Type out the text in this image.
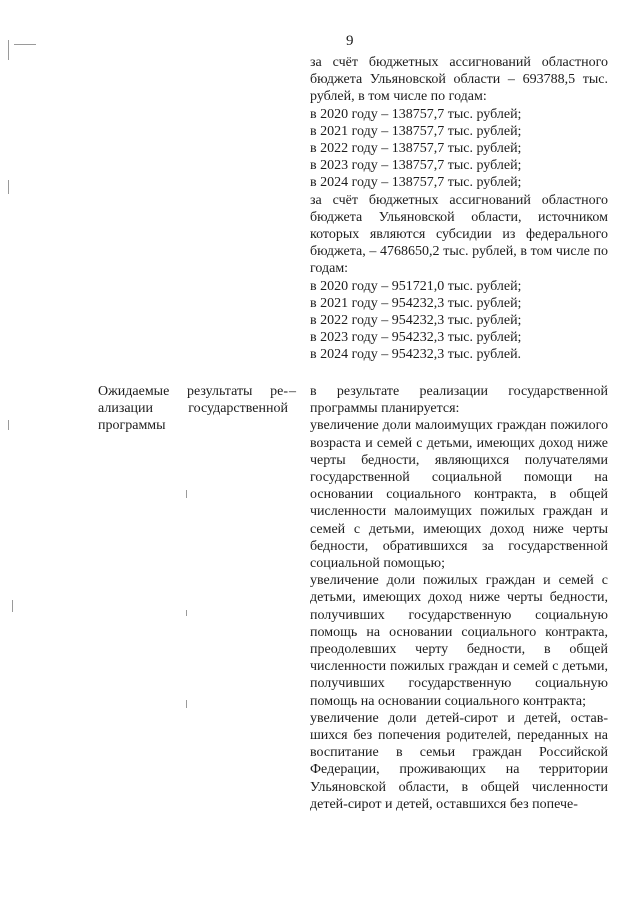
9

за счёт бюджетных ассигнований областного бюджета Ульяновской области – 693788,5 тыс. рублей, в том числе по годам:

в 2020 году – 138757,7 тыс. рублей;

в 2021 году – 138757,7 тыс. рублей;

в 2022 году – 138757,7 тыс. рублей;

в 2023 году – 138757,7 тыс. рублей;

в 2024 году – 138757,7 тыс. рублей;

за счёт бюджетных ассигнований областного бюджета Ульяновской области, источником которых являются субсидии из федерального бюджета, – 4768650,2 тыс. рублей, в том числе по годам:

в 2020 году – 951721,0 тыс. рублей;

в 2021 году – 954232,3 тыс. рублей;

в 2022 году – 954232,3 тыс. рублей;

в 2023 году – 954232,3 тыс. рублей;

в 2024 году – 954232,3 тыс. рублей.

Ожидаемые результаты реализации государственной программы

– в результате реализации государственной программы планируется:

увеличение доли малоимущих граждан пожилого возраста и семей с детьми, имеющих доход ниже черты бедности, являющихся получателями государственной социальной помощи на основании социального контракта, в общей численности малоимущих пожилых граждан и семей с детьми, имеющих доход ниже черты бедности, обратившихся за государственной социальной помощью;

увеличение доли пожилых граждан и семей с детьми, имеющих доход ниже черты бедности, получивших государственную социальную помощь на основании социального контракта, преодолевших черту бедности, в общей численности пожилых граждан и семей с детьми, получивших государственную социальную помощь на основании социального контракта;

увеличение доли детей-сирот и детей, оставшихся без попечения родителей, переданных на воспитание в семьи граждан Российской Федерации, проживающих на территории Ульяновской области, в общей численности детей-сирот и детей, оставшихся без попече-
